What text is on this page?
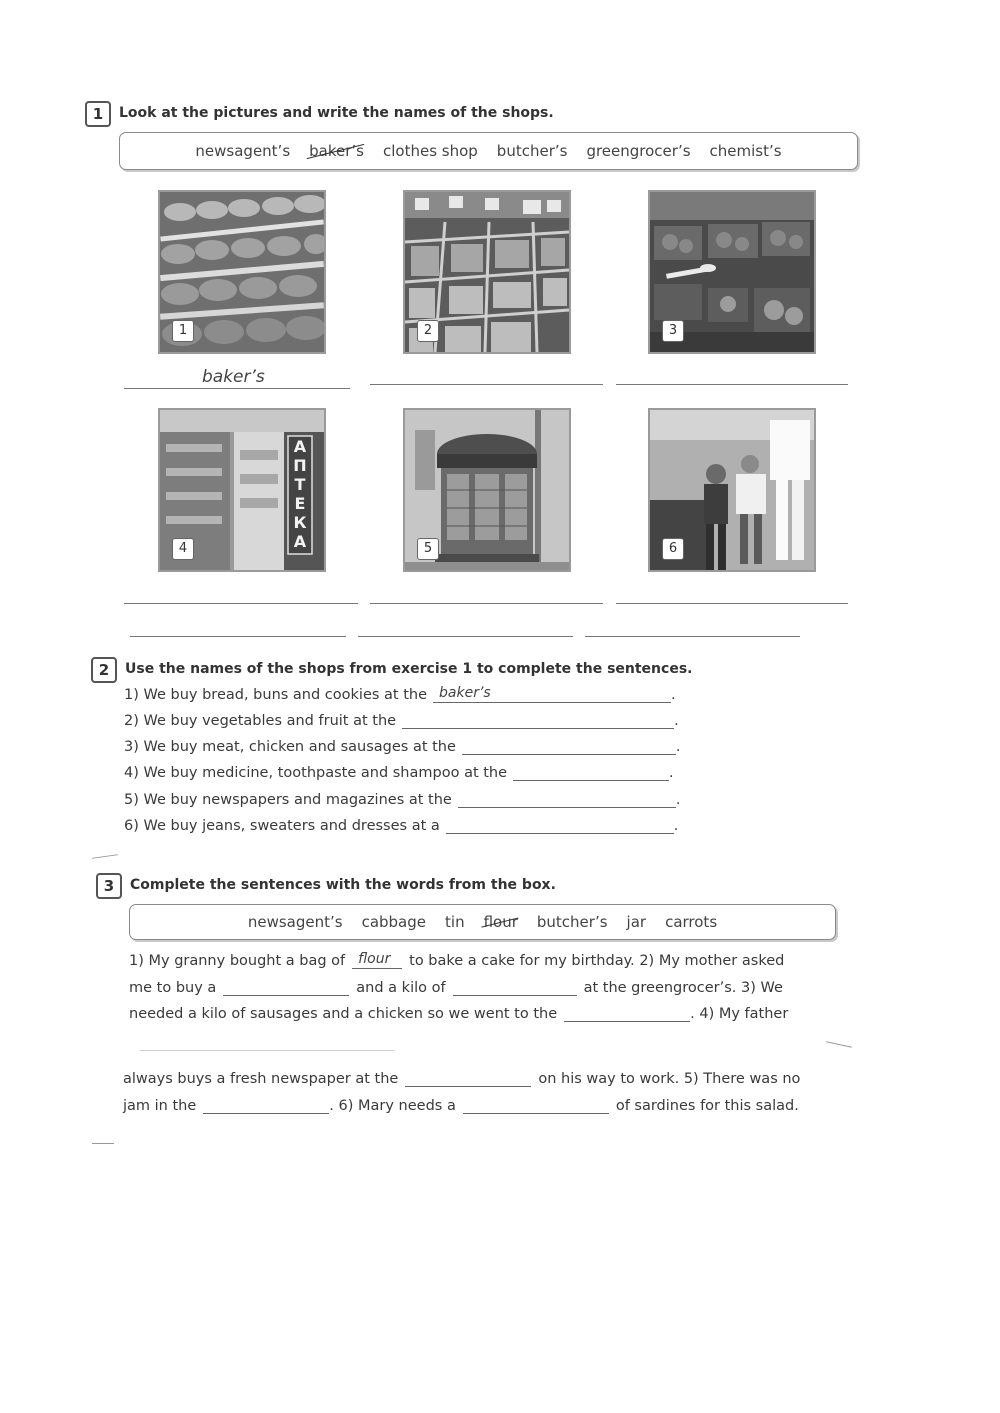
1	Look at the pictures and write the names of the shops.
newsagent’s baker’s clothes shop butcher’s greengrocer’s chemist’s
1	2	3
baker’s
А
П
Т
Е
К
А
4	5	6
2	Use the names of the shops from exercise 1 to complete the sentences.
1) We buy bread, buns and cookies at the baker’s	.
2) We buy vegetables and fruit at the	.
3) We buy meat, chicken and sausages at the	.
4) We buy medicine, toothpaste and shampoo at the	.
5) We buy newspapers and magazines at the	.
6) We buy jeans, sweaters and dresses at a	.
3	Complete the sentences with the words from the box.
newsagent’s cabbage tin flour butcher’s jar carrots
1) My granny bought a bag of flour to bake a cake for my birthday. 2) My mother asked
me to buy a	and a kilo of	at the greengrocer’s. 3) We
needed a kilo of sausages and a chicken so we went to the	. 4) My father
always buys a fresh newspaper at the	on his way to work. 5) There was no
jam in the	. 6) Mary needs a	of sardines for this salad.
